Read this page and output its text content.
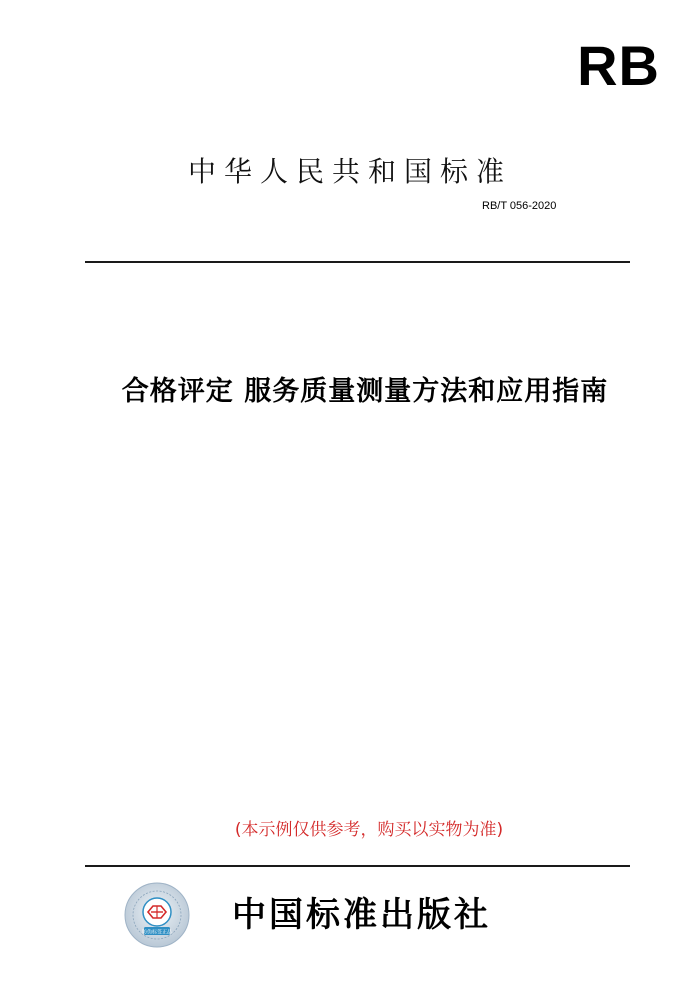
RB
中华人民共和国标准
RB/T 056-2020
合格评定 服务质量测量方法和应用指南
(本示例仅供参考，购买以实物为准)
防伪标签正品 中国标准出版社
